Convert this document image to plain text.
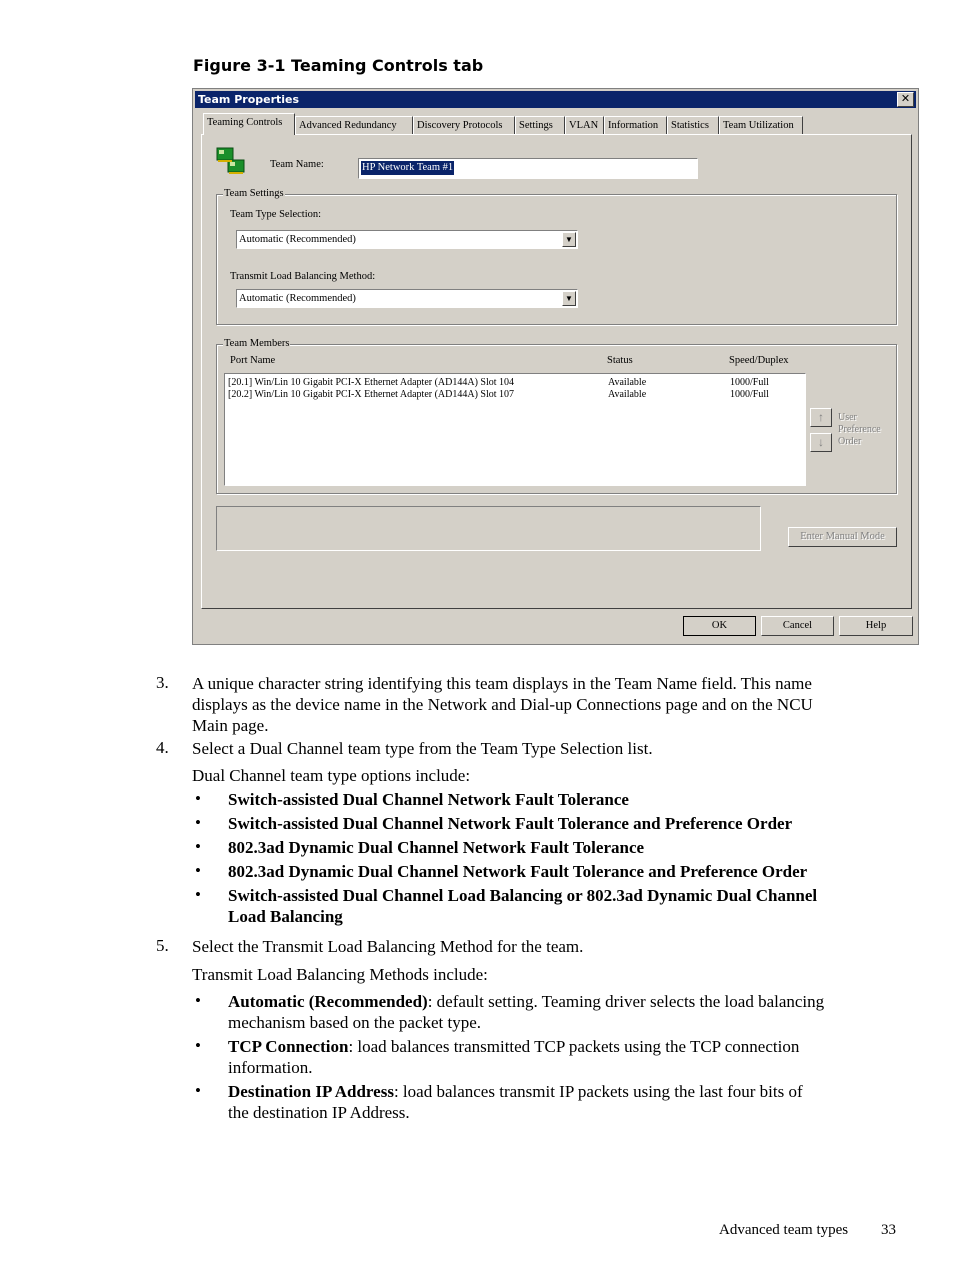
Figure 3-1 Teaming Controls tab
Team Properties	✕
Teaming Controls	Advanced Redundancy	Discovery Protocols	Settings	VLAN Information	Statistics	Team Utilization
Team Name:	HP Network Team #1
Team Settings
Team Type Selection:
Automatic (Recommended)	▼
Transmit Load Balancing Method:
Automatic (Recommended)	▼
Team Members
Port Name	Status	Speed/Duplex
[20.1] Win/Lin 10 Gigabit PCI-X Ethernet Adapter (AD144A) Slot 104	Available	1000/Full
[20.2] Win/Lin 10 Gigabit PCI-X Ethernet Adapter (AD144A) Slot 107	Available	1000/Full
↑
↓
User
Preference
Order
Enter Manual Mode
OK	Cancel	Help
3. A unique character string identifying this team displays in the Team Name field. This name
displays as the device name in the Network and Dial-up Connections page and on the NCU
Main page.
4. Select a Dual Channel team type from the Team Type Selection list.
Dual Channel team type options include:
• Switch-assisted Dual Channel Network Fault Tolerance
• Switch-assisted Dual Channel Network Fault Tolerance and Preference Order
• 802.3ad Dynamic Dual Channel Network Fault Tolerance
• 802.3ad Dynamic Dual Channel Network Fault Tolerance and Preference Order
• Switch-assisted Dual Channel Load Balancing or 802.3ad Dynamic Dual Channel
Load Balancing
5. Select the Transmit Load Balancing Method for the team.
Transmit Load Balancing Methods include:
• Automatic (Recommended): default setting. Teaming driver selects the load balancing
mechanism based on the packet type.
• TCP Connection: load balances transmitted TCP packets using the TCP connection
information.
• Destination IP Address: load balances transmit IP packets using the last four bits of
the destination IP Address.
Advanced team types 33
